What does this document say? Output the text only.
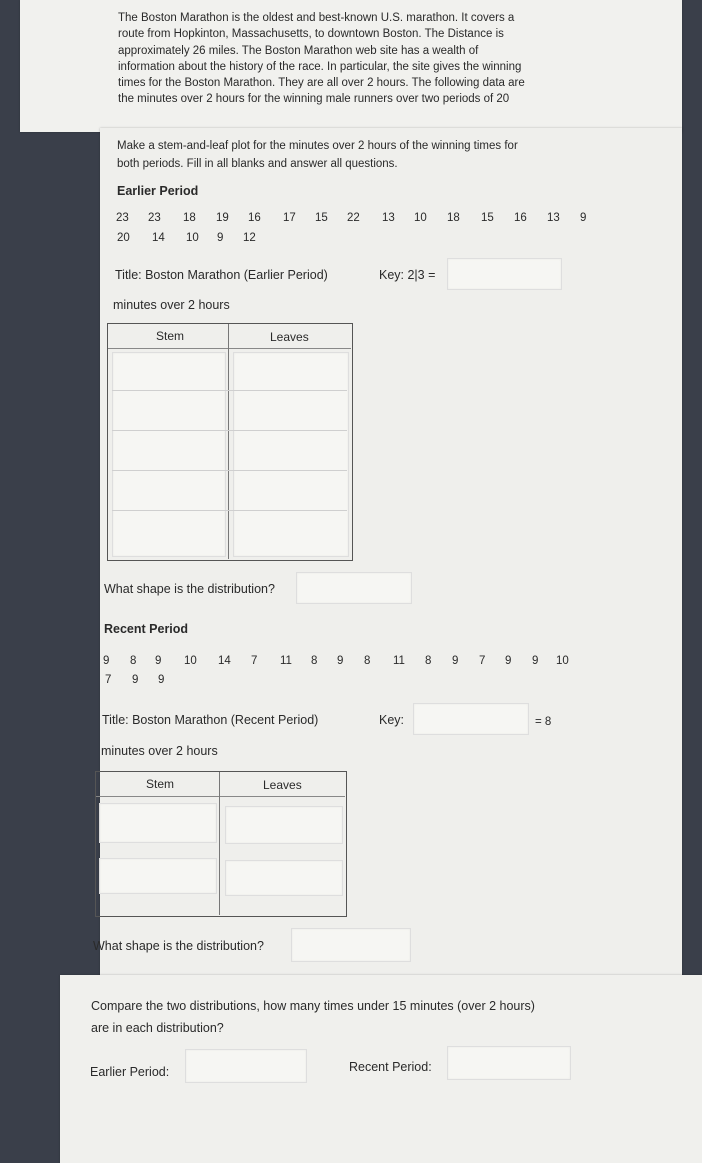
The Boston Marathon is the oldest and best-known U.S. marathon. It covers a
route from Hopkinton, Massachusetts, to downtown Boston. The Distance is
approximately 26 miles. The Boston Marathon web site has a wealth of
information about the history of the race. In particular, the site gives the winning
times for the Boston Marathon. They are all over 2 hours. The following data are
the minutes over 2 hours for the winning male runners over two periods of 20
Make a stem-and-leaf plot for the minutes over 2 hours of the winning times for
both periods. Fill in all blanks and answer all questions.
Earlier Period
23 23 18 19 16 17 15 22 13 10 18 15 16 13 9
20 14 10 9 12
Title: Boston Marathon (Earlier Period)	Key: 2|3 =
minutes over 2 hours
Stem	Leaves
What shape is the distribution?
Recent Period
9 8 9 10 14 7 11 8 9 8 11 8 9 7 9 9 10
7 9 9
Title: Boston Marathon (Recent Period)	Key:	= 8
minutes over 2 hours
Stem	Leaves
What shape is the distribution?
Compare the two distributions, how many times under 15 minutes (over 2 hours)
are in each distribution?
Earlier Period:	Recent Period:
